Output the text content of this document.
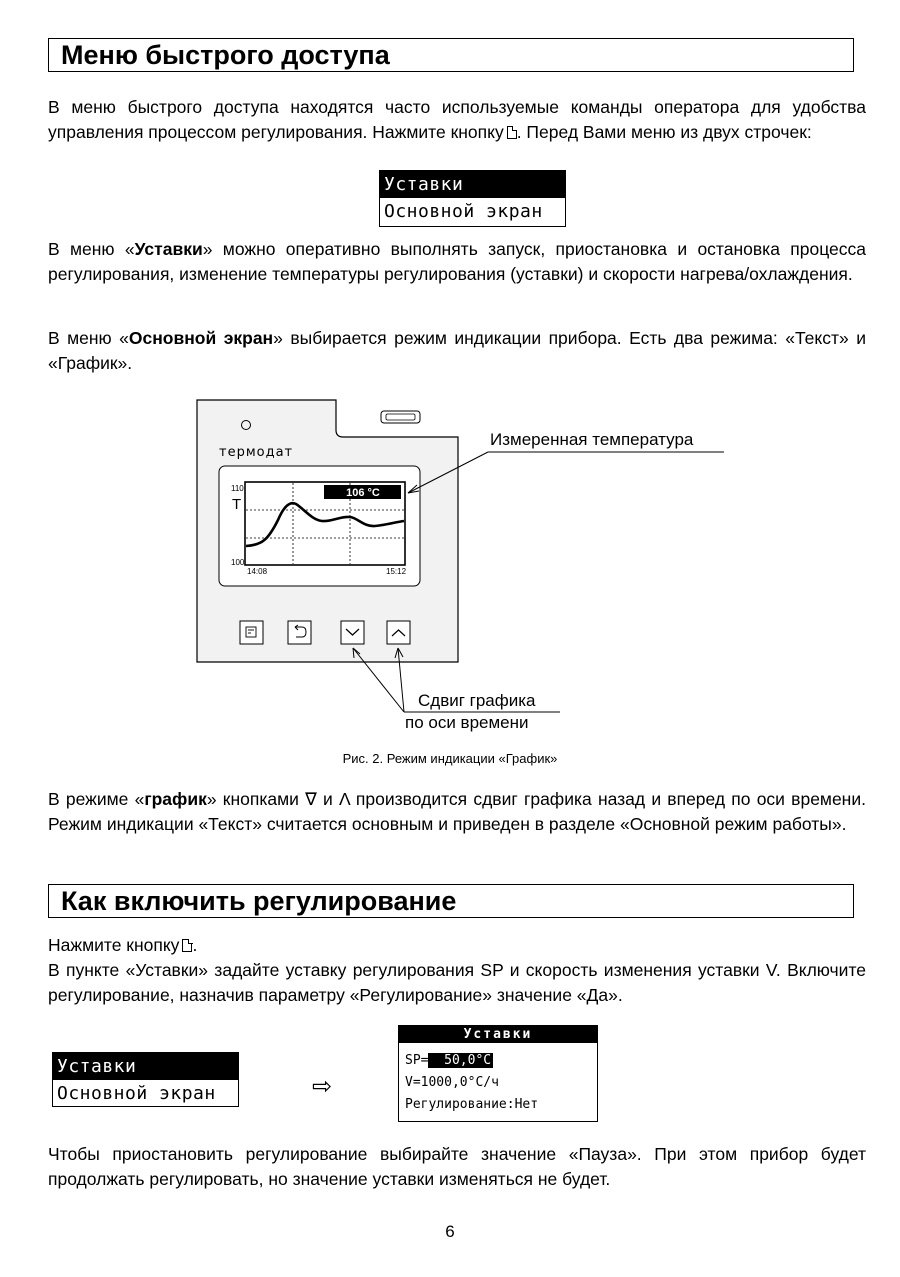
Меню быстрого доступа

В меню быстрого доступа находятся часто используемые команды оператора для удобства управления процессом регулирования. Нажмите кнопку . Перед Вами меню из двух строчек:

Уставки
Основной экран

В меню «Уставки» можно оперативно выполнять запуск, приостановка и остановка процесса регулирования, изменение температуры регулирования (уставки) и скорости нагрева/охлаждения.

В меню «Основной экран» выбирается режим индикации прибора. Есть два режима: «Текст» и «График».

термодат
106 °C
110
T
100
14:08	15:12
Измеренная температура
Сдвиг графика
по оси времени
Рис. 2. Режим индикации «График»

В режиме «график» кнопками ∇ и Λ производится сдвиг графика назад и вперед по оси времени. Режим индикации «Текст» считается основным и приведен в разделе «Основной режим работы».

Как включить регулирование

Нажмите кнопку .

В пункте «Уставки» задайте уставку регулирования SP и скорость изменения уставки V. Включите регулирование, назначив параметру «Регулирование» значение «Да».

Уставки
Основной экран	⇨
Уставки
SP=  50,0°C
V=1000,0°C/ч
Регулирование:Нет

Чтобы приостановить регулирование выбирайте значение «Пауза». При этом прибор будет продолжать регулировать, но значение уставки изменяться не будет.

6
